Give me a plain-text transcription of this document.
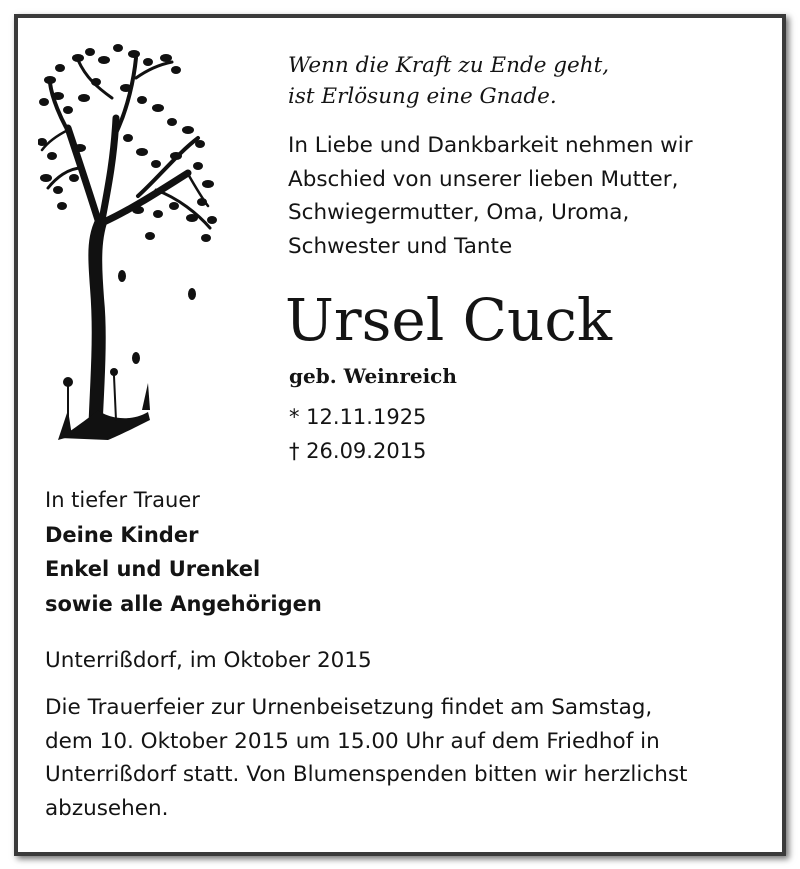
Wenn die Kraft zu Ende geht,
ist Erlösung eine Gnade.
In Liebe und Dankbarkeit nehmen wir
Abschied von unserer lieben Mutter,
Schwiegermutter, Oma, Uroma,
Schwester und Tante
Ursel Cuck
geb. Weinreich
* 12.11.1925
† 26.09.2015
In tiefer Trauer
Deine Kinder
Enkel und Urenkel
sowie alle Angehörigen
Unterrißdorf, im Oktober 2015
Die Trauerfeier zur Urnenbeisetzung findet am Samstag,
dem 10. Oktober 2015 um 15.00 Uhr auf dem Friedhof in
Unterrißdorf statt. Von Blumenspenden bitten wir herzlichst
abzusehen.
